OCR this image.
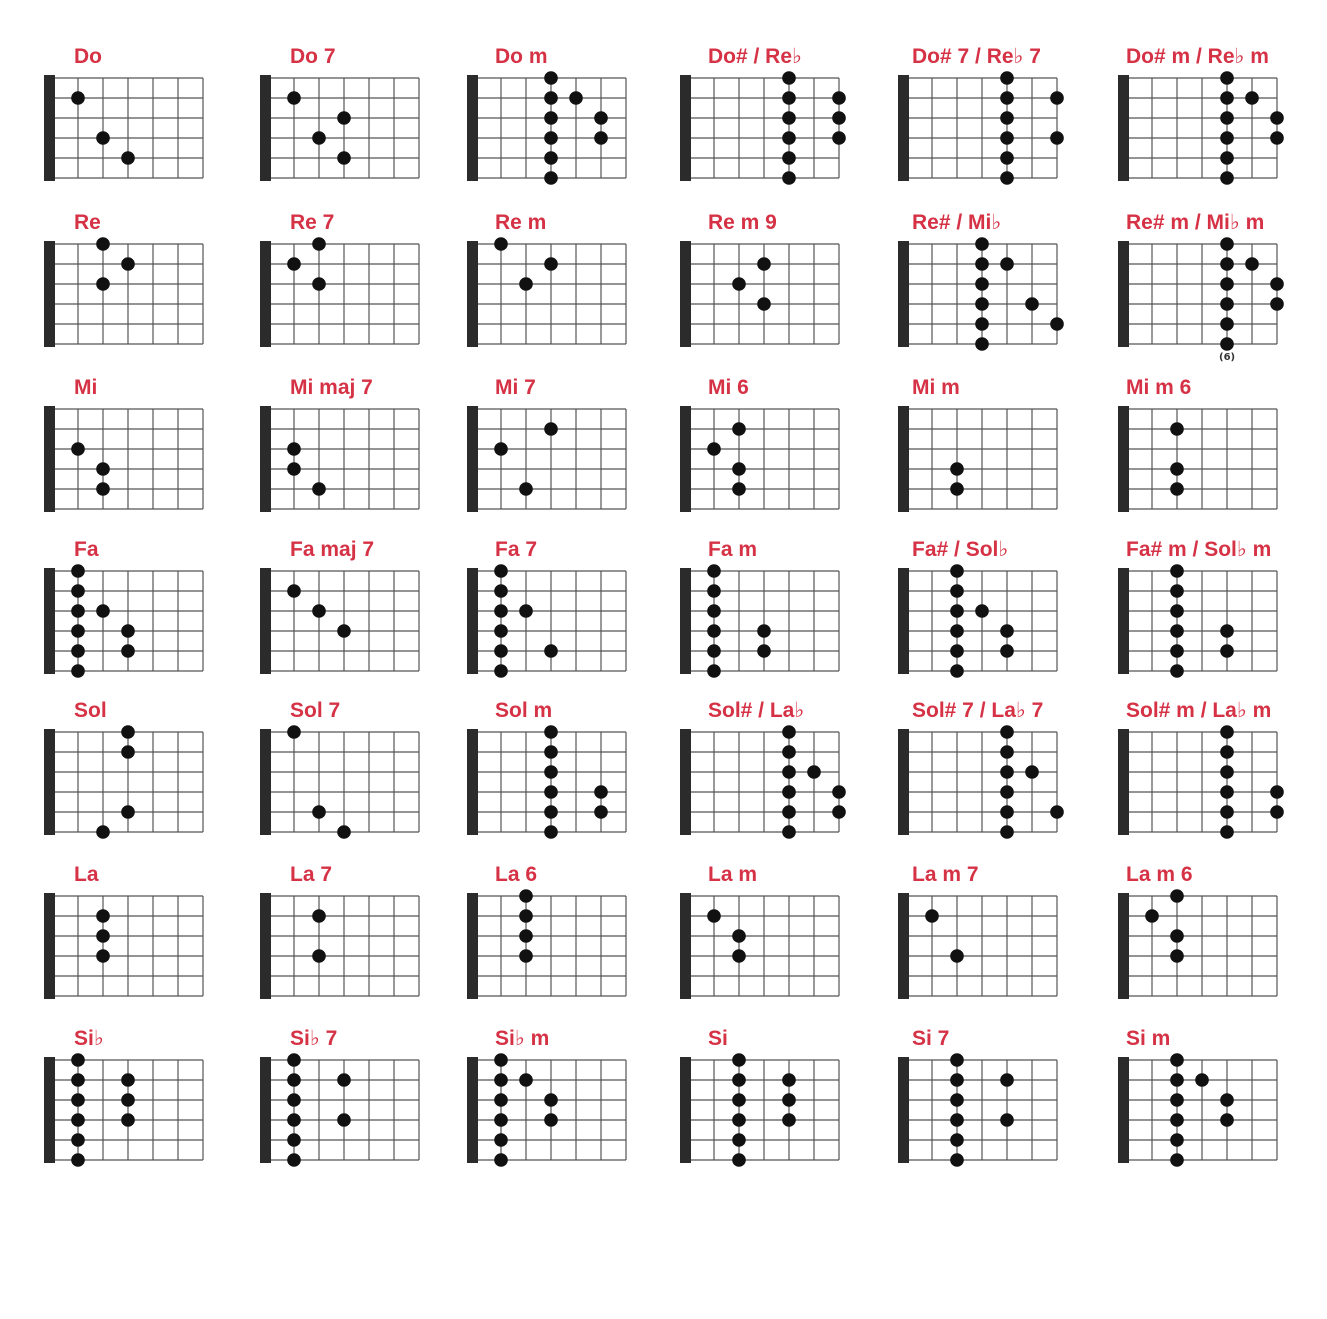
Do	Do 7	Do m	Do# / Re♭	Do# 7 / Re♭ 7	Do# m / Re♭ m
Re	Re 7	Re m	Re m 9	Re# / Mi♭	Re# m / Mi♭ m
(6)
Mi	Mi maj 7	Mi 7	Mi 6	Mi m	Mi m 6
Fa	Fa maj 7	Fa 7	Fa m	Fa# / Sol♭	Fa# m / Sol♭ m
Sol	Sol 7	Sol m	Sol# / La♭	Sol# 7 / La♭ 7	Sol# m / La♭ m
La	La 7	La 6	La m	La m 7	La m 6
Si♭	Si♭ 7	Si♭ m	Si	Si 7	Si m
